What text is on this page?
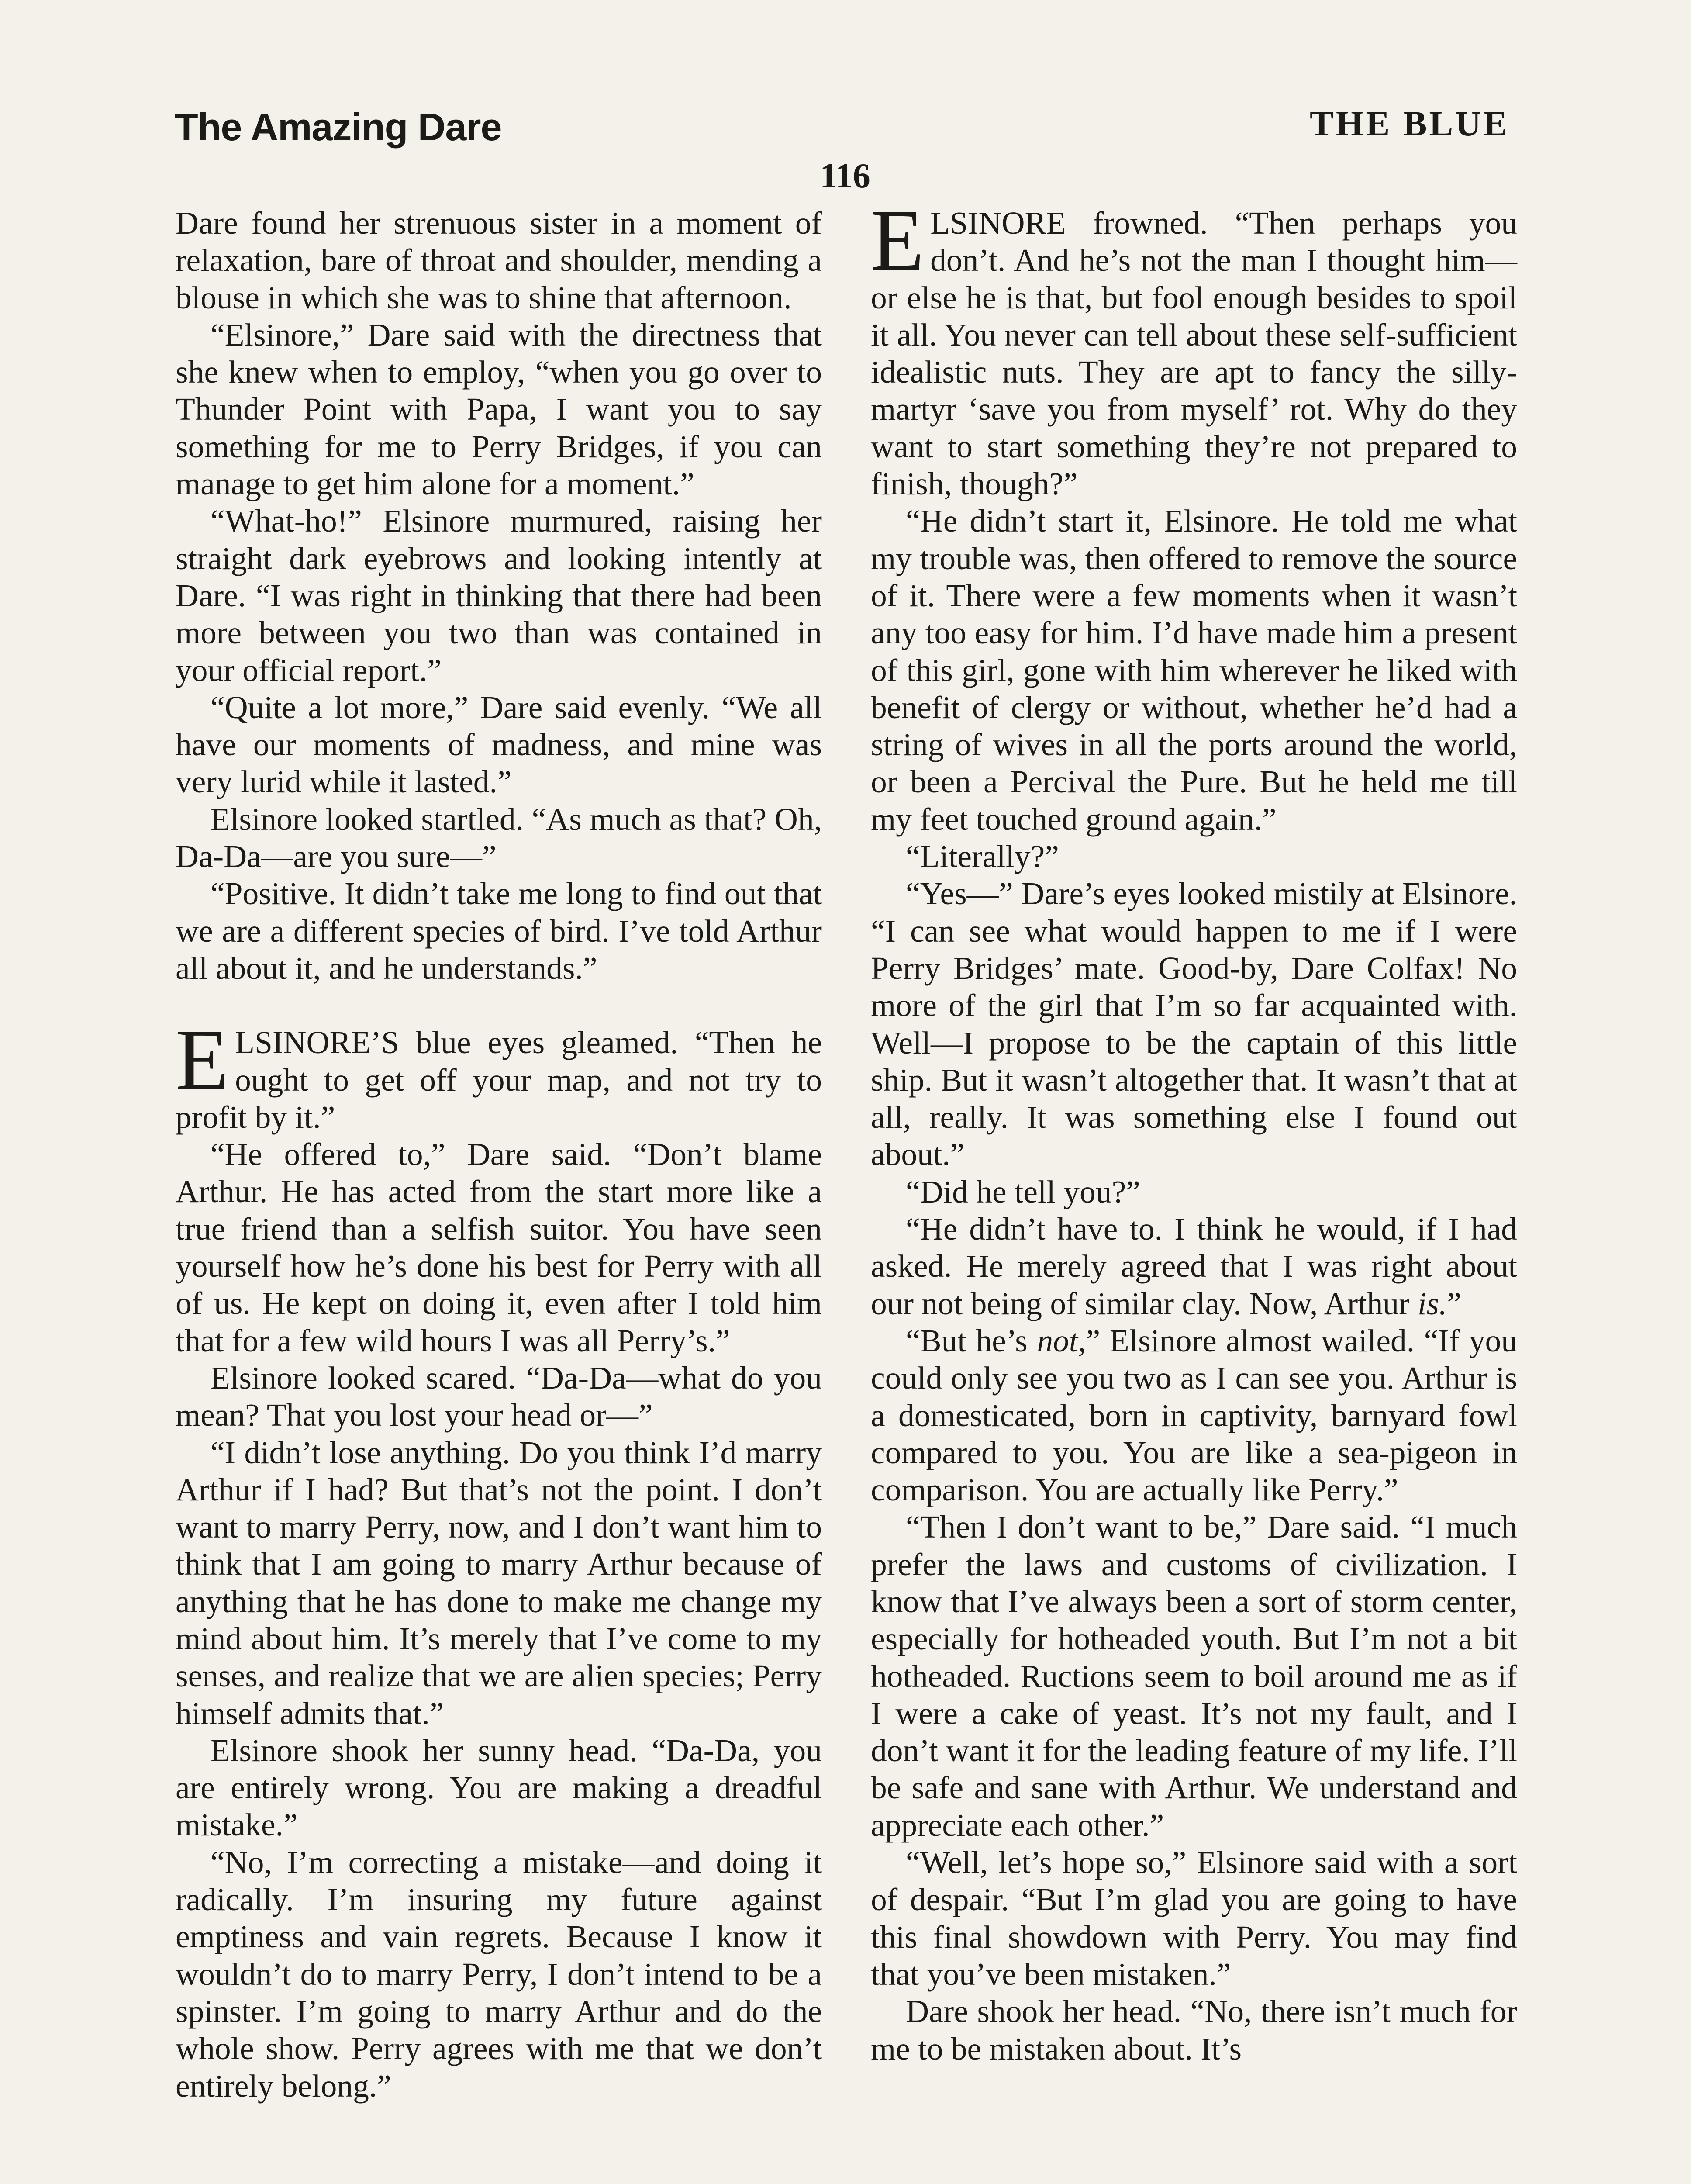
The Amazing Dare	THE BLUE
116

Dare found her strenuous sister in a moment of relaxation, bare of throat and shoulder, mending a blouse in which she was to shine that afternoon.

“Elsinore,” Dare said with the directness that she knew when to employ, “when you go over to Thunder Point with Papa, I want you to say something for me to Perry Bridges, if you can manage to get him alone for a moment.”

“What-ho!” Elsinore murmured, raising her straight dark eyebrows and looking intently at Dare. “I was right in thinking that there had been more between you two than was contained in your official report.”

“Quite a lot more,” Dare said evenly. “We all have our moments of madness, and mine was very lurid while it lasted.”

Elsinore looked startled. “As much as that? Oh, Da-Da—are you sure—”

“Positive. It didn’t take me long to find out that we are a different species of bird. I’ve told Arthur all about it, and he understands.”

ELSINORE’S blue eyes gleamed. “Then he ought to get off your map, and not try to profit by it.”

“He offered to,” Dare said. “Don’t blame Arthur. He has acted from the start more like a true friend than a selfish suitor. You have seen yourself how he’s done his best for Perry with all of us. He kept on doing it, even after I told him that for a few wild hours I was all Perry’s.”

Elsinore looked scared. “Da-Da—what do you mean? That you lost your head or—”

“I didn’t lose anything. Do you think I’d marry Arthur if I had? But that’s not the point. I don’t want to marry Perry, now, and I don’t want him to think that I am going to marry Arthur because of anything that he has done to make me change my mind about him. It’s merely that I’ve come to my senses, and realize that we are alien species; Perry himself admits that.”

Elsinore shook her sunny head. “Da-Da, you are entirely wrong. You are making a dreadful mistake.”

“No, I’m correcting a mistake—and doing it radically. I’m insuring my future against emptiness and vain regrets. Because I know it wouldn’t do to marry Perry, I don’t intend to be a spinster. I’m going to marry Arthur and do the whole show. Perry agrees with me that we don’t entirely belong.”

ELSINORE frowned. “Then perhaps you don’t. And he’s not the man I thought him—or else he is that, but fool enough besides to spoil it all. You never can tell about these self-sufficient idealistic nuts. They are apt to fancy the silly-martyr ‘save you from myself’ rot. Why do they want to start something they’re not prepared to finish, though?”

“He didn’t start it, Elsinore. He told me what my trouble was, then offered to remove the source of it. There were a few moments when it wasn’t any too easy for him. I’d have made him a present of this girl, gone with him wherever he liked with benefit of clergy or without, whether he’d had a string of wives in all the ports around the world, or been a Percival the Pure. But he held me till my feet touched ground again.”

“Literally?”

“Yes—” Dare’s eyes looked mistily at Elsinore. “I can see what would happen to me if I were Perry Bridges’ mate. Good-by, Dare Colfax! No more of the girl that I’m so far acquainted with. Well—I propose to be the captain of this little ship. But it wasn’t altogether that. It wasn’t that at all, really. It was something else I found out about.”

“Did he tell you?”

“He didn’t have to. I think he would, if I had asked. He merely agreed that I was right about our not being of similar clay. Now, Arthur is.”

“But he’s not,” Elsinore almost wailed. “If you could only see you two as I can see you. Arthur is a domesticated, born in captivity, barnyard fowl compared to you. You are like a sea-pigeon in comparison. You are actually like Perry.”

“Then I don’t want to be,” Dare said. “I much prefer the laws and customs of civilization. I know that I’ve always been a sort of storm center, especially for hotheaded youth. But I’m not a bit hotheaded. Ructions seem to boil around me as if I were a cake of yeast. It’s not my fault, and I don’t want it for the leading feature of my life. I’ll be safe and sane with Arthur. We understand and appreciate each other.”

“Well, let’s hope so,” Elsinore said with a sort of despair. “But I’m glad you are going to have this final showdown with Perry. You may find that you’ve been mistaken.”

Dare shook her head. “No, there isn’t much for me to be mistaken about. It’s
